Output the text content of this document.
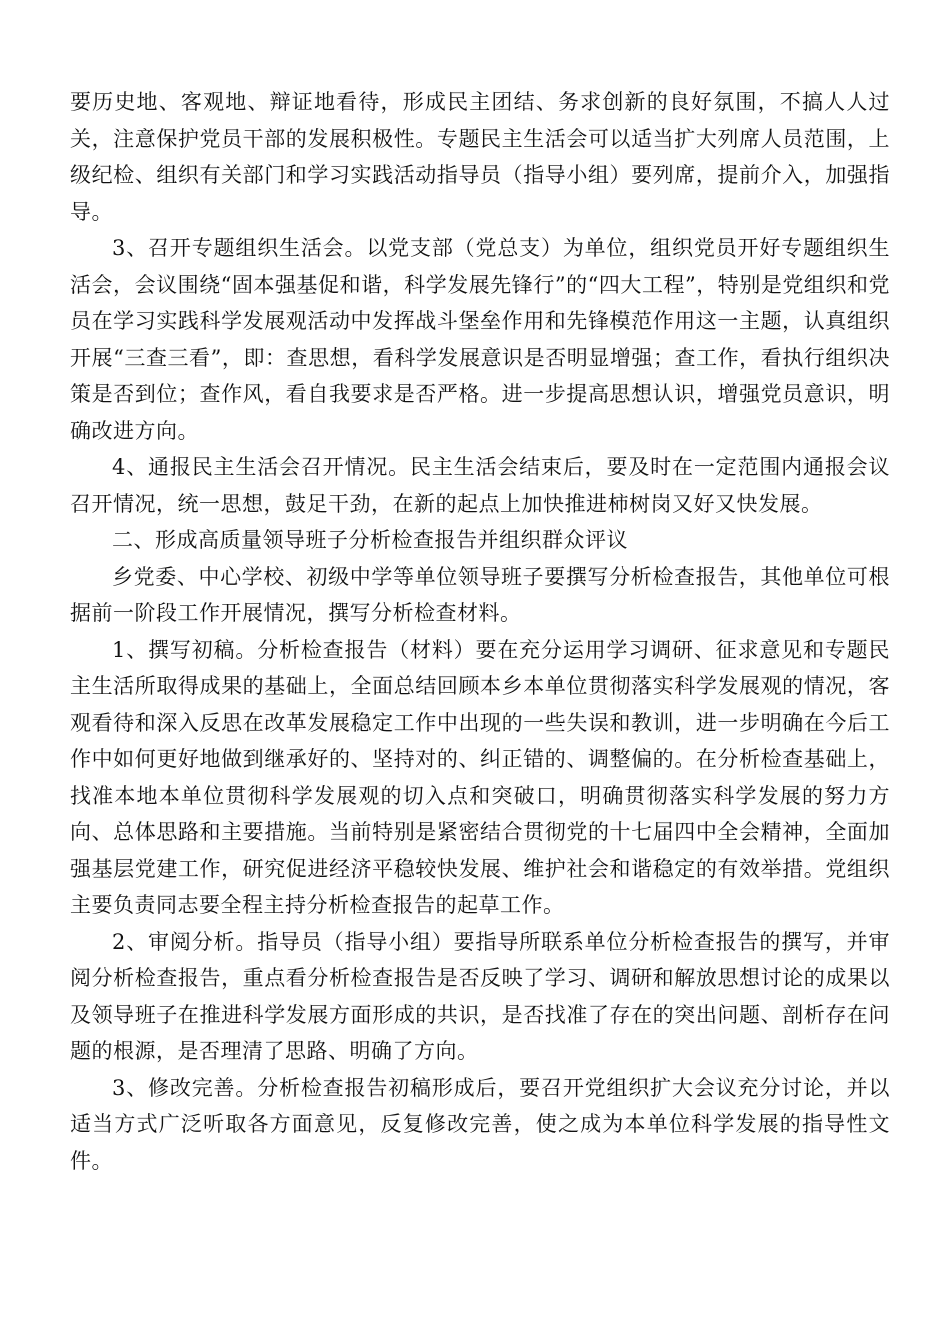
要历史地、客观地、辩证地看待，形成民主团结、务求创新的良好氛围，不搞人人过关，注意保护党员干部的发展积极性。专题民主生活会可以适当扩大列席人员范围，上级纪检、组织有关部门和学习实践活动指导员（指导小组）要列席，提前介入，加强指导。

3、召开专题组织生活会。以党支部（党总支）为单位，组织党员开好专题组织生活会，会议围绕“固本强基促和谐，科学发展先锋行”的“四大工程”，特别是党组织和党员在学习实践科学发展观活动中发挥战斗堡垒作用和先锋模范作用这一主题，认真组织开展“三查三看”，即：查思想，看科学发展意识是否明显增强；查工作，看执行组织决策是否到位；查作风，看自我要求是否严格。进一步提高思想认识，增强党员意识，明确改进方向。

4、通报民主生活会召开情况。民主生活会结束后，要及时在一定范围内通报会议召开情况，统一思想，鼓足干劲，在新的起点上加快推进柿树岗又好又快发展。

二、形成高质量领导班子分析检查报告并组织群众评议

乡党委、中心学校、初级中学等单位领导班子要撰写分析检查报告，其他单位可根据前一阶段工作开展情况，撰写分析检查材料。

1、撰写初稿。分析检查报告（材料）要在充分运用学习调研、征求意见和专题民主生活所取得成果的基础上，全面总结回顾本乡本单位贯彻落实科学发展观的情况，客观看待和深入反思在改革发展稳定工作中出现的一些失误和教训，进一步明确在今后工作中如何更好地做到继承好的、坚持对的、纠正错的、调整偏的。在分析检查基础上，找准本地本单位贯彻科学发展观的切入点和突破口，明确贯彻落实科学发展的努力方向、总体思路和主要措施。当前特别是紧密结合贯彻党的十七届四中全会精神，全面加强基层党建工作，研究促进经济平稳较快发展、维护社会和谐稳定的有效举措。党组织主要负责同志要全程主持分析检查报告的起草工作。

2、审阅分析。指导员（指导小组）要指导所联系单位分析检查报告的撰写，并审阅分析检查报告，重点看分析检查报告是否反映了学习、调研和解放思想讨论的成果以及领导班子在推进科学发展方面形成的共识，是否找准了存在的突出问题、剖析存在问题的根源，是否理清了思路、明确了方向。

3、修改完善。分析检查报告初稿形成后，要召开党组织扩大会议充分讨论，并以适当方式广泛听取各方面意见，反复修改完善，使之成为本单位科学发展的指导性文件。
